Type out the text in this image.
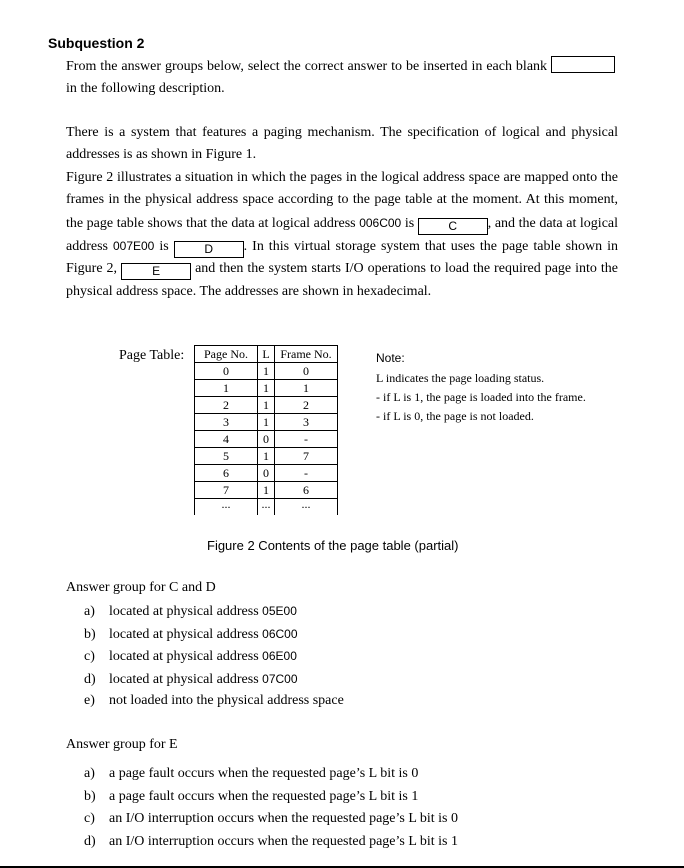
Subquestion 2
From the answer groups below, select the correct answer to be inserted in each blank in the following description.
There is a system that features a paging mechanism. The specification of logical and physical addresses is as shown in Figure 1.
Figure 2 illustrates a situation in which the pages in the logical address space are mapped onto the frames in the physical address space according to the page table at the moment. At this moment, the page table shows that the data at logical address 006C00 is	C , and the data at logical address 007E00 is	D . In this virtual storage system that uses the page table shown in Figure 2,	E	and then the system starts I/O operations to load the required page into the physical address space. The addresses are shown in hexadecimal.
Page Table: Page No.	L	Frame No.
0	1	0
1	1	1
2	1	2
3	1	3
4	0	-
5	1	7
6	0	-
7	1	6
...	...	...
Note:
L indicates the page loading status.
- if L is 1, the page is loaded into the frame.
- if L is 0, the page is not loaded.
Figure 2 Contents of the page table (partial)
Answer group for C and D
a) located at physical address 05E00
b) located at physical address 06C00
c) located at physical address 06E00
d) located at physical address 07C00
e) not loaded into the physical address space
Answer group for E
a) a page fault occurs when the requested page’s L bit is 0
b) a page fault occurs when the requested page’s L bit is 1
c) an I/O interruption occurs when the requested page’s L bit is 0
d) an I/O interruption occurs when the requested page’s L bit is 1
